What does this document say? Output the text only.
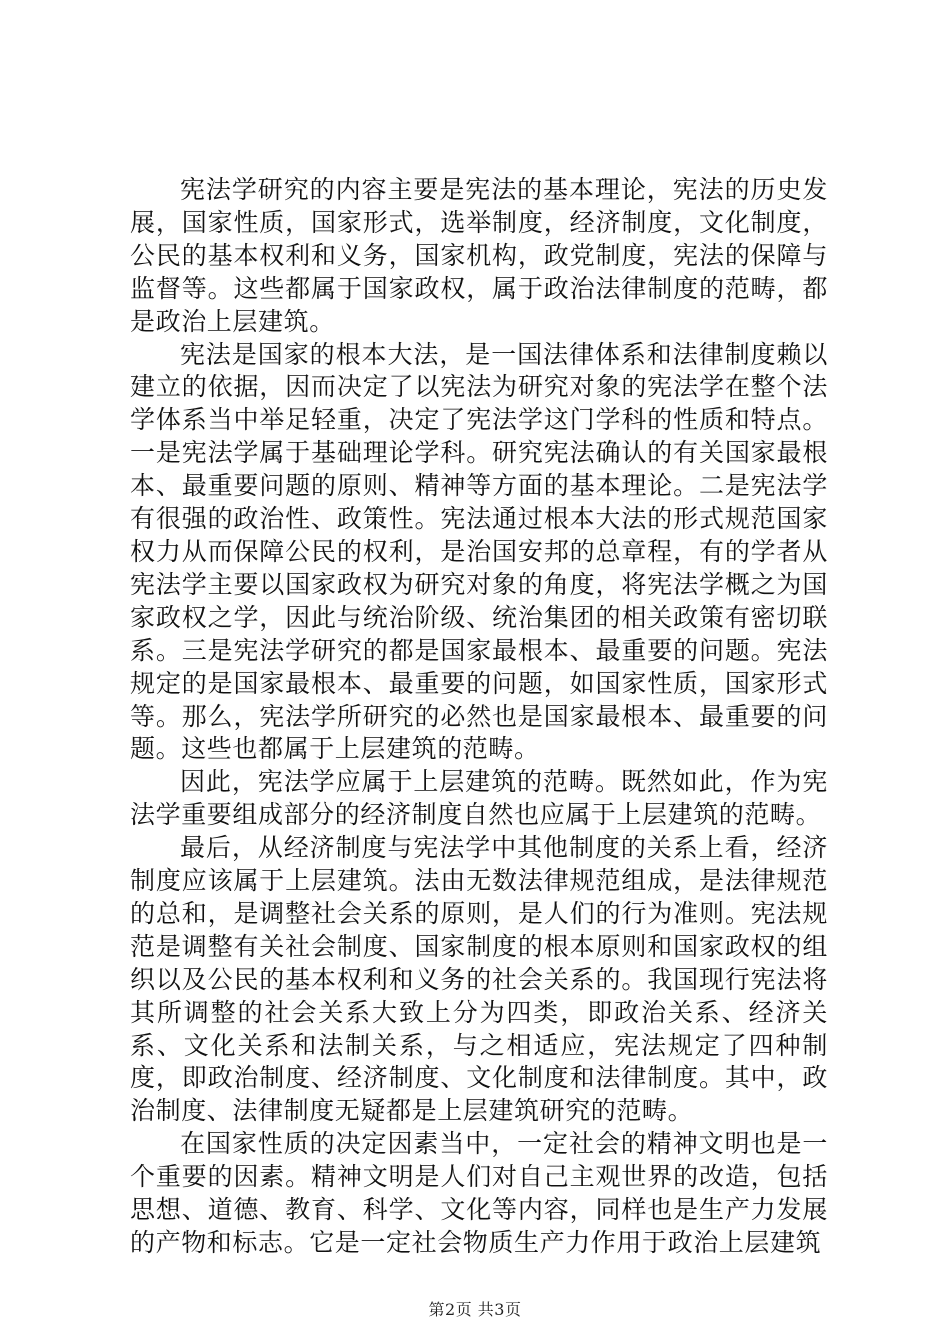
宪法学研究的内容主要是宪法的基本理论，宪法的历史发展，国家性质，国家形式，选举制度，经济制度，文化制度，公民的基本权利和义务，国家机构，政党制度，宪法的保障与监督等。这些都属于国家政权，属于政治法律制度的范畴，都是政治上层建筑。

宪法是国家的根本大法，是一国法律体系和法律制度赖以建立的依据，因而决定了以宪法为研究对象的宪法学在整个法学体系当中举足轻重，决定了宪法学这门学科的性质和特点。一是宪法学属于基础理论学科。研究宪法确认的有关国家最根本、最重要问题的原则、精神等方面的基本理论。二是宪法学有很强的政治性、政策性。宪法通过根本大法的形式规范国家权力从而保障公民的权利，是治国安邦的总章程，有的学者从宪法学主要以国家政权为研究对象的角度，将宪法学概之为国家政权之学，因此与统治阶级、统治集团的相关政策有密切联系。三是宪法学研究的都是国家最根本、最重要的问题。宪法规定的是国家最根本、最重要的问题，如国家性质，国家形式等。那么，宪法学所研究的必然也是国家最根本、最重要的问题。这些也都属于上层建筑的范畴。

因此，宪法学应属于上层建筑的范畴。既然如此，作为宪法学重要组成部分的经济制度自然也应属于上层建筑的范畴。

最后，从经济制度与宪法学中其他制度的关系上看，经济制度应该属于上层建筑。法由无数法律规范组成，是法律规范的总和，是调整社会关系的原则，是人们的行为准则。宪法规范是调整有关社会制度、国家制度的根本原则和国家政权的组织以及公民的基本权利和义务的社会关系的。我国现行宪法将其所调整的社会关系大致上分为四类，即政治关系、经济关系、文化关系和法制关系，与之相适应，宪法规定了四种制度，即政治制度、经济制度、文化制度和法律制度。其中，政治制度、法律制度无疑都是上层建筑研究的范畴。

在国家性质的决定因素当中，一定社会的精神文明也是一个重要的因素。精神文明是人们对自己主观世界的改造，包括思想、道德、教育、科学、文化等内容，同样也是生产力发展的产物和标志。它是一定社会物质生产力作用于政治上层建筑

第2页 共3页
